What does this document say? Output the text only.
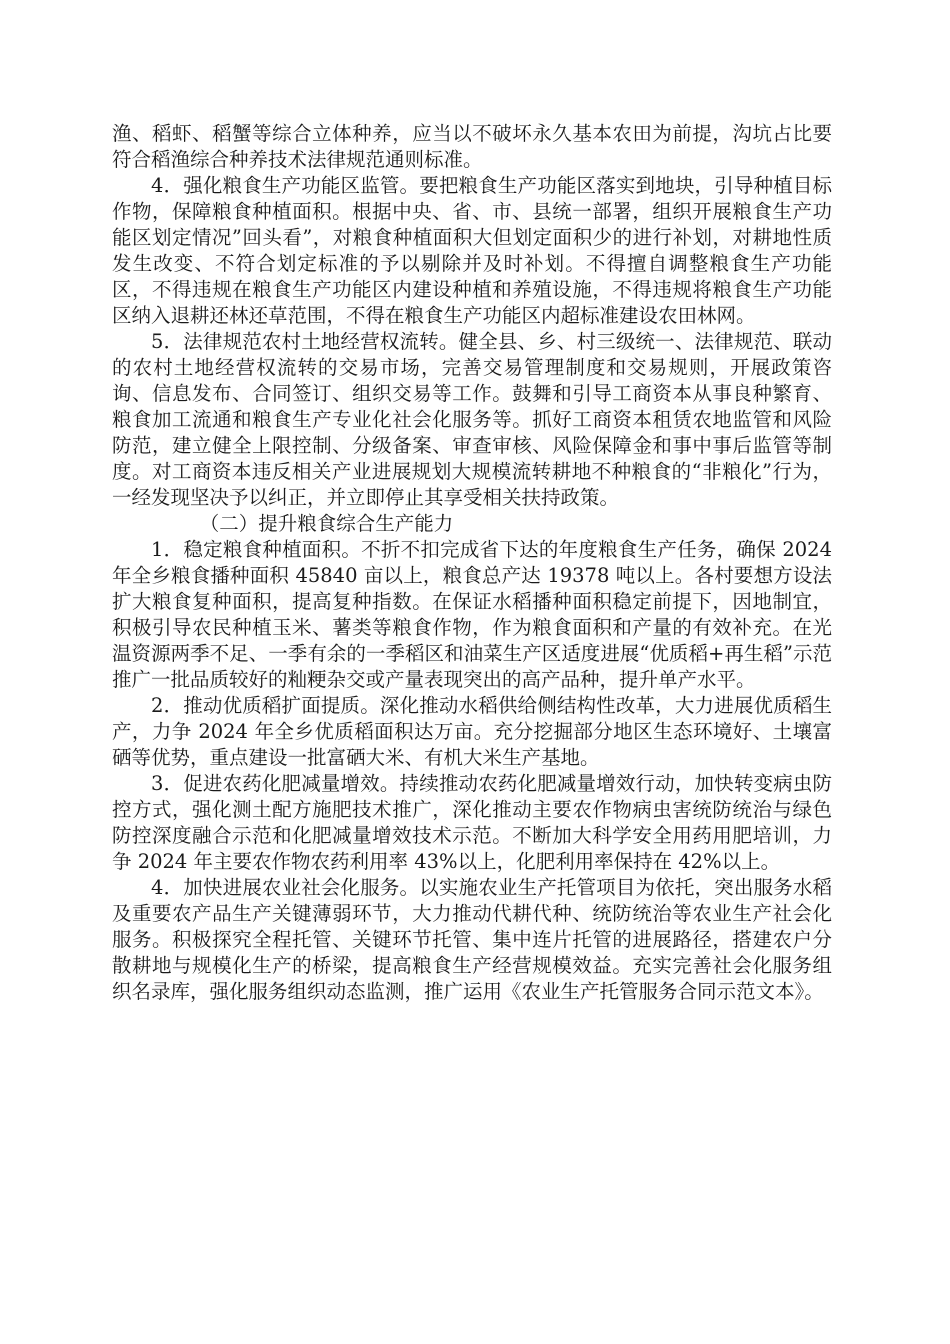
渔、稻虾、稻蟹等综合立体种养，应当以不破坏永久基本农田为前提，沟坑占比要符合稻渔综合种养技术法律规范通则标准。

4．强化粮食生产功能区监管。要把粮食生产功能区落实到地块，引导种植目标作物，保障粮食种植面积。根据中央、省、市、县统一部署，组织开展粮食生产功能区划定情况”回头看”，对粮食种植面积大但划定面积少的进行补划，对耕地性质发生改变、不符合划定标准的予以剔除并及时补划。不得擅自调整粮食生产功能区，不得违规在粮食生产功能区内建设种植和养殖设施，不得违规将粮食生产功能区纳入退耕还林还草范围，不得在粮食生产功能区内超标准建设农田林网。

5．法律规范农村土地经营权流转。健全县、乡、村三级统一、法律规范、联动的农村土地经营权流转的交易市场，完善交易管理制度和交易规则，开展政策咨询、信息发布、合同签订、组织交易等工作。鼓舞和引导工商资本从事良种繁育、粮食加工流通和粮食生产专业化社会化服务等。抓好工商资本租赁农地监管和风险防范，建立健全上限控制、分级备案、审查审核、风险保障金和事中事后监管等制度。对工商资本违反相关产业进展规划大规模流转耕地不种粮食的“非粮化”行为，一经发现坚决予以纠正，并立即停止其享受相关扶持政策。

（二）提升粮食综合生产能力

1．稳定粮食种植面积。不折不扣完成省下达的年度粮食生产任务，确保 2024 年全乡粮食播种面积 45840 亩以上，粮食总产达 19378 吨以上。各村要想方设法扩大粮食复种面积，提高复种指数。在保证水稻播种面积稳定前提下，因地制宜，积极引导农民种植玉米、薯类等粮食作物，作为粮食面积和产量的有效补充。在光温资源两季不足、一季有余的一季稻区和油菜生产区适度进展“优质稻+再生稻”示范推广一批品质较好的籼粳杂交或产量表现突出的高产品种，提升单产水平。

2．推动优质稻扩面提质。深化推动水稻供给侧结构性改革，大力进展优质稻生产，力争 2024 年全乡优质稻面积达万亩。充分挖掘部分地区生态环境好、土壤富硒等优势，重点建设一批富硒大米、有机大米生产基地。

3．促进农药化肥减量增效。持续推动农药化肥减量增效行动，加快转变病虫防控方式，强化测土配方施肥技术推广，深化推动主要农作物病虫害统防统治与绿色防控深度融合示范和化肥减量增效技术示范。不断加大科学安全用药用肥培训，力争 2024 年主要农作物农药利用率 43%以上，化肥利用率保持在 42%以上。

4．加快进展农业社会化服务。以实施农业生产托管项目为依托，突出服务水稻及重要农产品生产关键薄弱环节，大力推动代耕代种、统防统治等农业生产社会化服务。积极探究全程托管、关键环节托管、集中连片托管的进展路径，搭建农户分散耕地与规模化生产的桥梁，提高粮食生产经营规模效益。充实完善社会化服务组织名录库，强化服务组织动态监测，推广运用《农业生产托管服务合同示范文本》。
